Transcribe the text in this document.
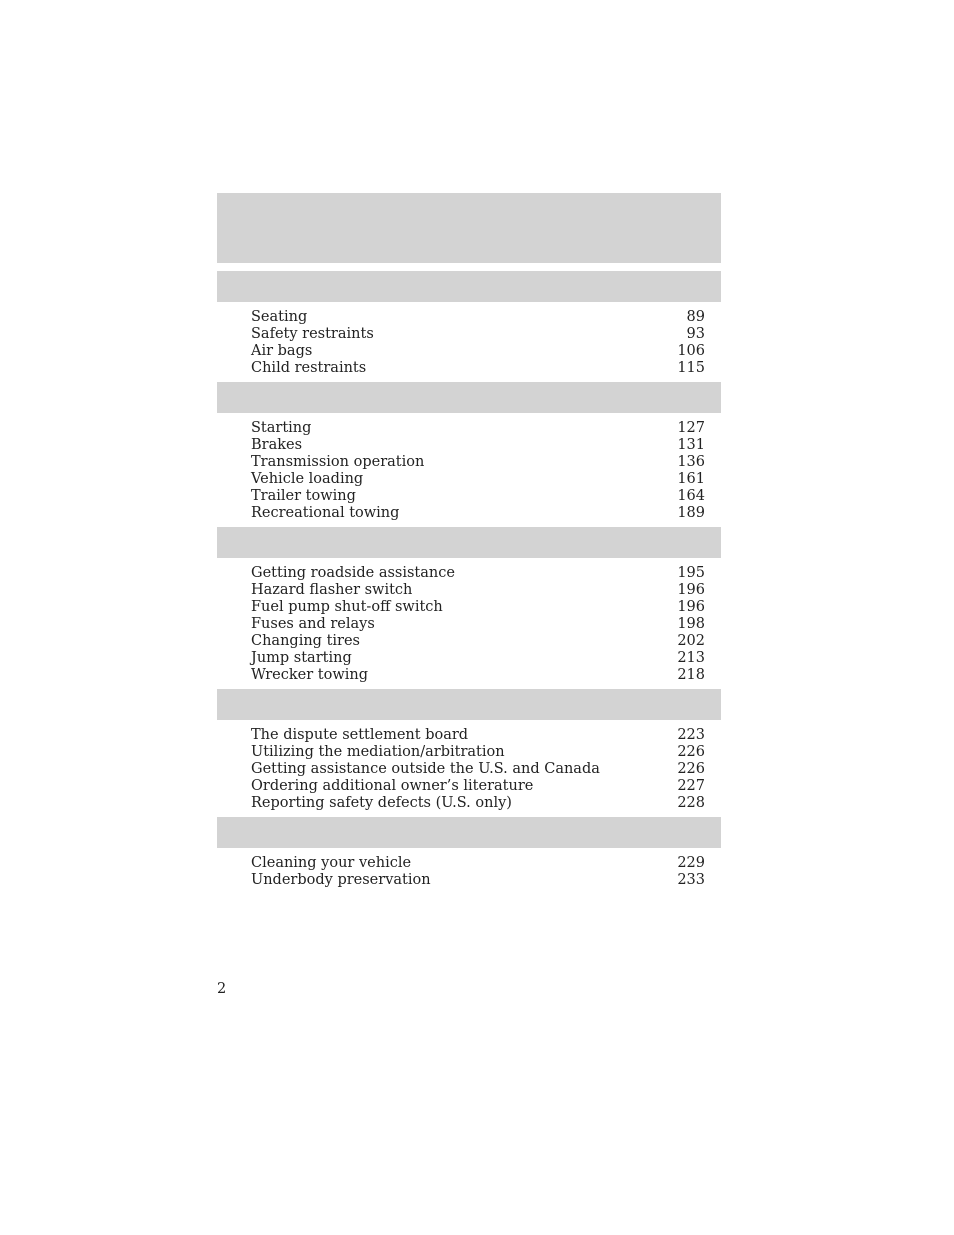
Seating	89
Safety restraints	93
Air bags	106
Child restraints	115
Starting	127
Brakes	131
Transmission operation	136
Vehicle loading	161
Trailer towing	164
Recreational towing	189
Getting roadside assistance	195
Hazard flasher switch	196
Fuel pump shut-off switch	196
Fuses and relays	198
Changing tires	202
Jump starting	213
Wrecker towing	218
The dispute settlement board	223
Utilizing the mediation/arbitration	226
Getting assistance outside the U.S. and Canada	226
Ordering additional owner’s literature	227
Reporting safety defects (U.S. only)	228
Cleaning your vehicle	229
Underbody preservation	233
2
